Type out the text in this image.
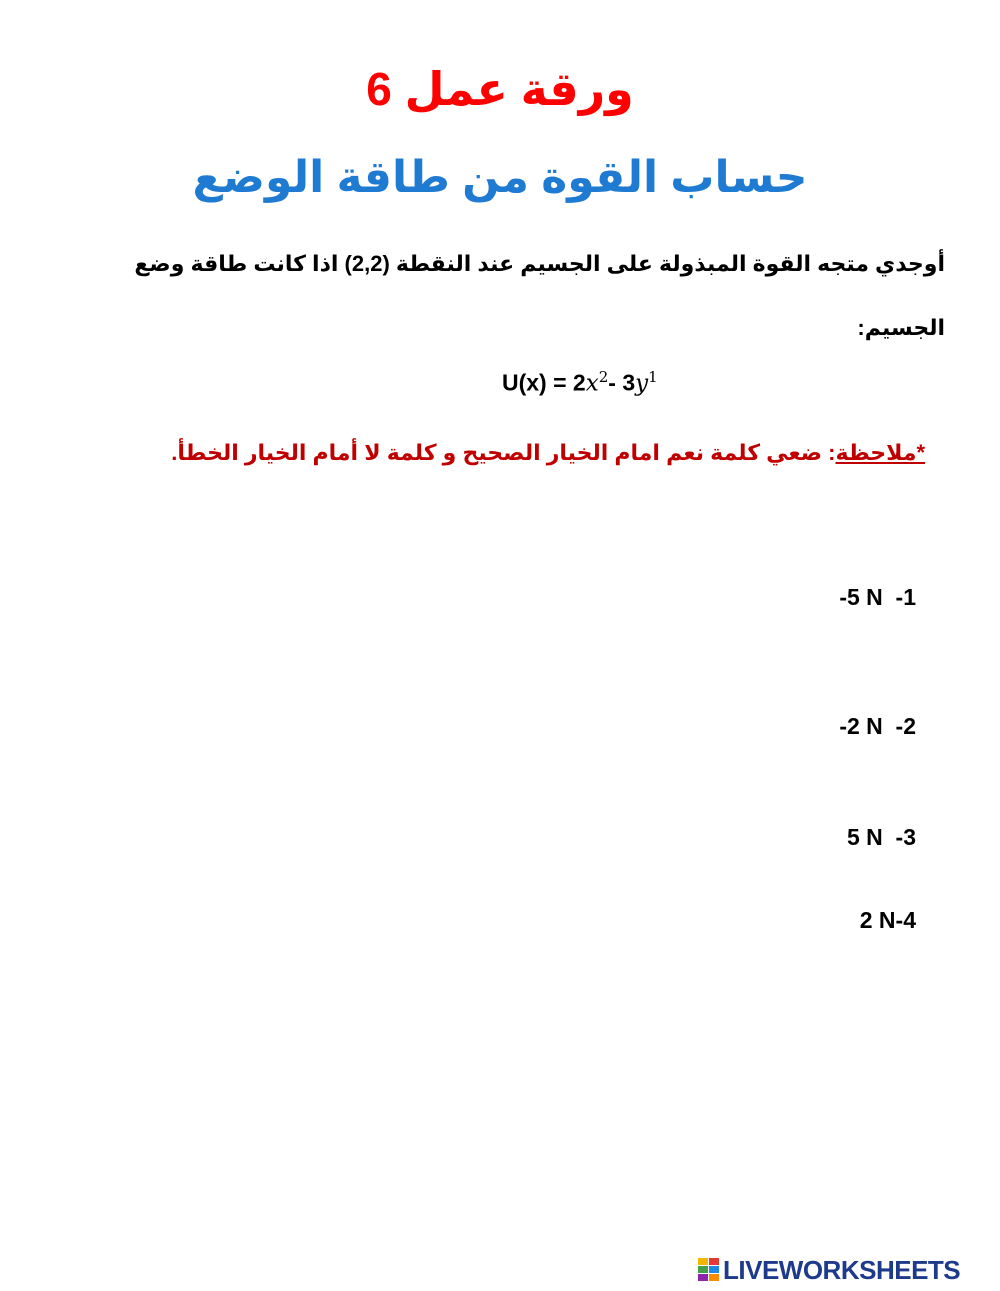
ورقة عمل 6
حساب القوة من طاقة الوضع
أوجدي متجه القوة المبذولة على الجسيم عند النقطة (2,2) اذا كانت طاقة وضع الجسيم:
U(x) = 2𝑥$^2$- 3𝑦$^1$
*ملاحظة: ضعي كلمة نعم امام الخيار الصحيح و كلمة لا أمام الخيار الخطأ.
-5 N  -1
-2 N  -2
5 N  -3
2 N-4
LIVEWORKSHEETS
